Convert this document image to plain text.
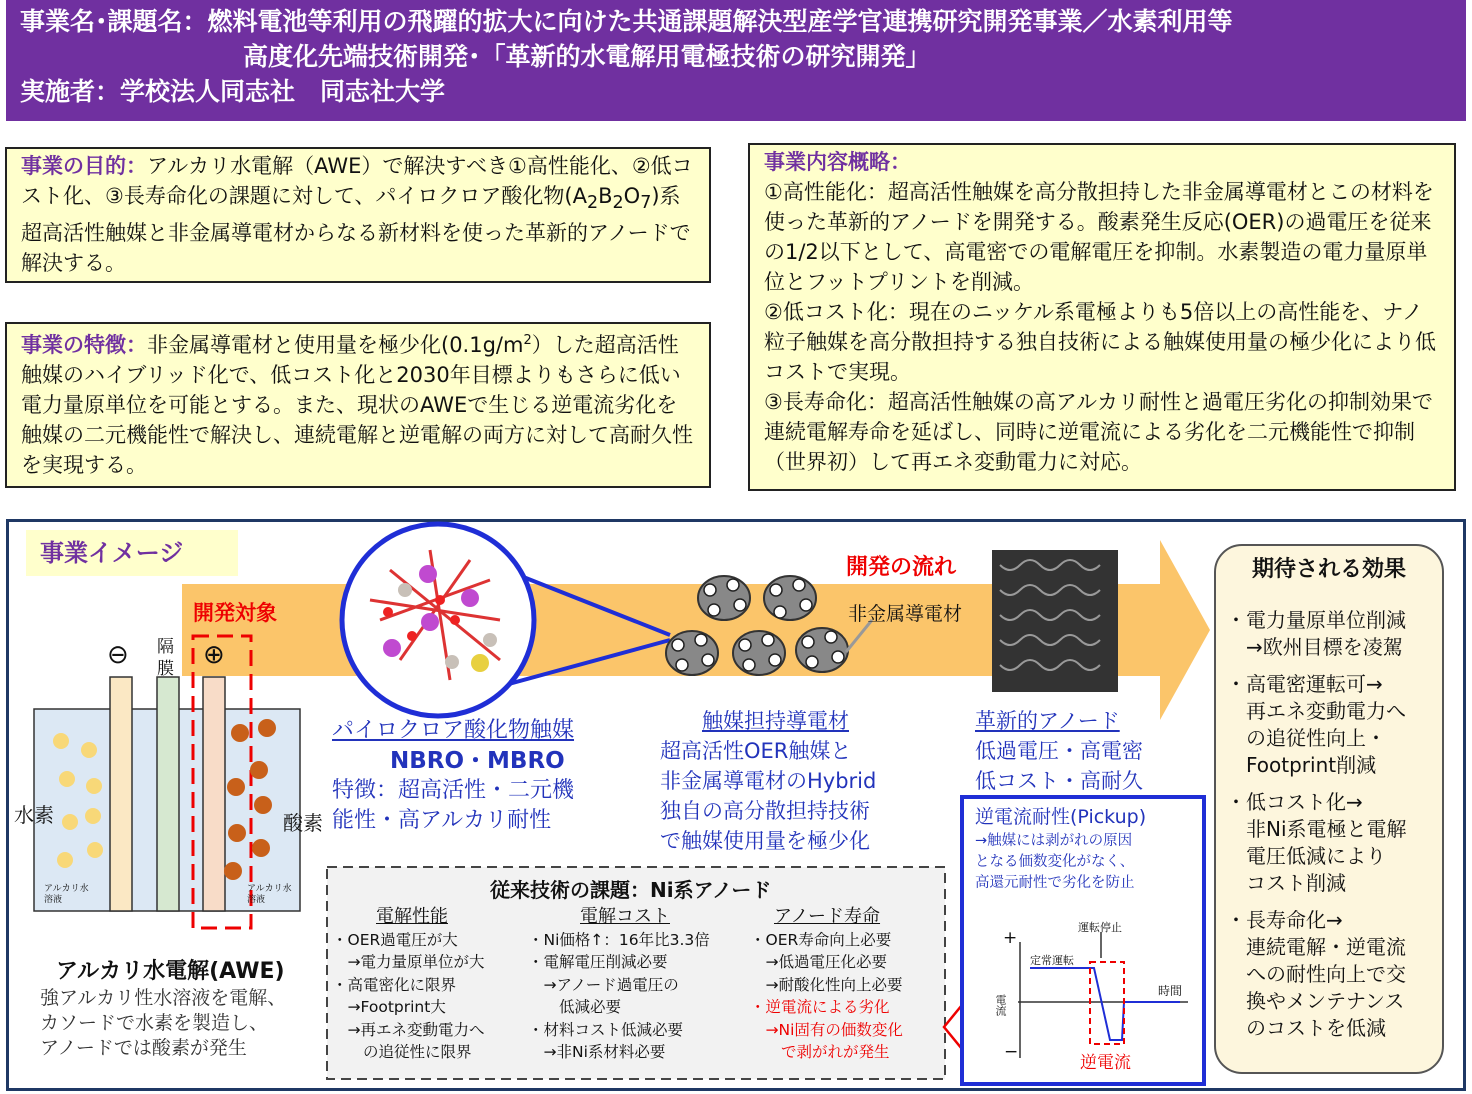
事業名･課題名：燃料電池等利用の飛躍的拡大に向けた共通課題解決型産学官連携研究開発事業／水素利用等
高度化先端技術開発･「革新的水電解用電極技術の研究開発」
実施者：学校法人同志社　同志社大学
事業の目的：アルカリ水電解（AWE）で解決すべき①高性能化、②低コスト化、③長寿命化の課題に対して、パイロクロア酸化物$(A_2B_2O_7)$系超高活性触媒と非金属導電材からなる新材料を使った革新的アノードで解決する。
事業の特徴：非金属導電材と使用量を極少化$(0.1g/m^2)$した超高活性触媒のハイブリッド化で、低コスト化と2030年目標よりもさらに低い電力量原単位を可能とする。また、現状のAWEで生じる逆電流劣化を触媒の二元機能性で解決し、連続電解と逆電解の両方に対して高耐久性を実現する。
事業内容概略：
①高性能化：超高活性触媒を高分散担持した非金属導電材とこの材料を使った革新的アノードを開発する。酸素発生反応(OER)の過電圧を従来の1/2以下として、高電密での電解電圧を抑制。水素製造の電力量原単位とフットプリントを削減。
②低コスト化：現在のニッケル系電極よりも5倍以上の高性能を、ナノ粒子触媒を高分散担持する独自技術による触媒使用量の極少化により低コストで実現。
③長寿命化：超高活性触媒の高アルカリ耐性と過電圧劣化の抑制効果で連続電解寿命を延ばし、同時に逆電流による劣化を二元機能性で抑制（世界初）して再エネ変動電力に対応。
事業イメージ
開発対象
開発の流れ
非金属導電材
⊖	⊕
隔
膜
水素	酸素
アルカリ水溶液
アルカリ水溶液
アルカリ水電解(AWE)
強アルカリ性水溶液を電解、
カソードで水素を製造し、
アノードでは酸素が発生
パイロクロア酸化物触媒
NBRO・MBRO
特徴：超高活性・二元機
能性・高アルカリ耐性
触媒担持導電材
超高活性OER触媒と
非金属導電材のHybrid
独自の高分散担持技術
で触媒使用量を極少化
革新的アノード
低過電圧・高電密
低コスト・高耐久
逆電流耐性(Pickup)
→触媒には剥がれの原因
となる価数変化がなく、
高還元耐性で劣化を防止
運転停止
定常運転
時間
電流
+
−
逆電流
従来技術の課題：Ni系アノード
電解性能
・OER過電圧が大
　→電力量原単位が大
・高電密化に限界
　→Footprint大
　→再エネ変動電力へ
　　の追従性に限界
電解コスト
・Ni価格↑：16年比3.3倍
・電解電圧削減必要
　→アノード過電圧の
　　低減必要
・材料コスト低減必要
　→非Ni系材料必要
アノード寿命
・OER寿命向上必要
　→低過電圧化必要
　→耐酸化性向上必要
・逆電流による劣化
　→Ni固有の価数変化
　　で剥がれが発生
期待される効果
・電力量原単位削減
　→欧州目標を凌駕
・高電密運転可→
　再エネ変動電力へ
　の追従性向上・
　Footprint削減
・低コスト化→
　非Ni系電極と電解
　電圧低減により
　コスト削減
・長寿命化→
　連続電解・逆電流
　への耐性向上で交
　換やメンテナンス
　のコストを低減
